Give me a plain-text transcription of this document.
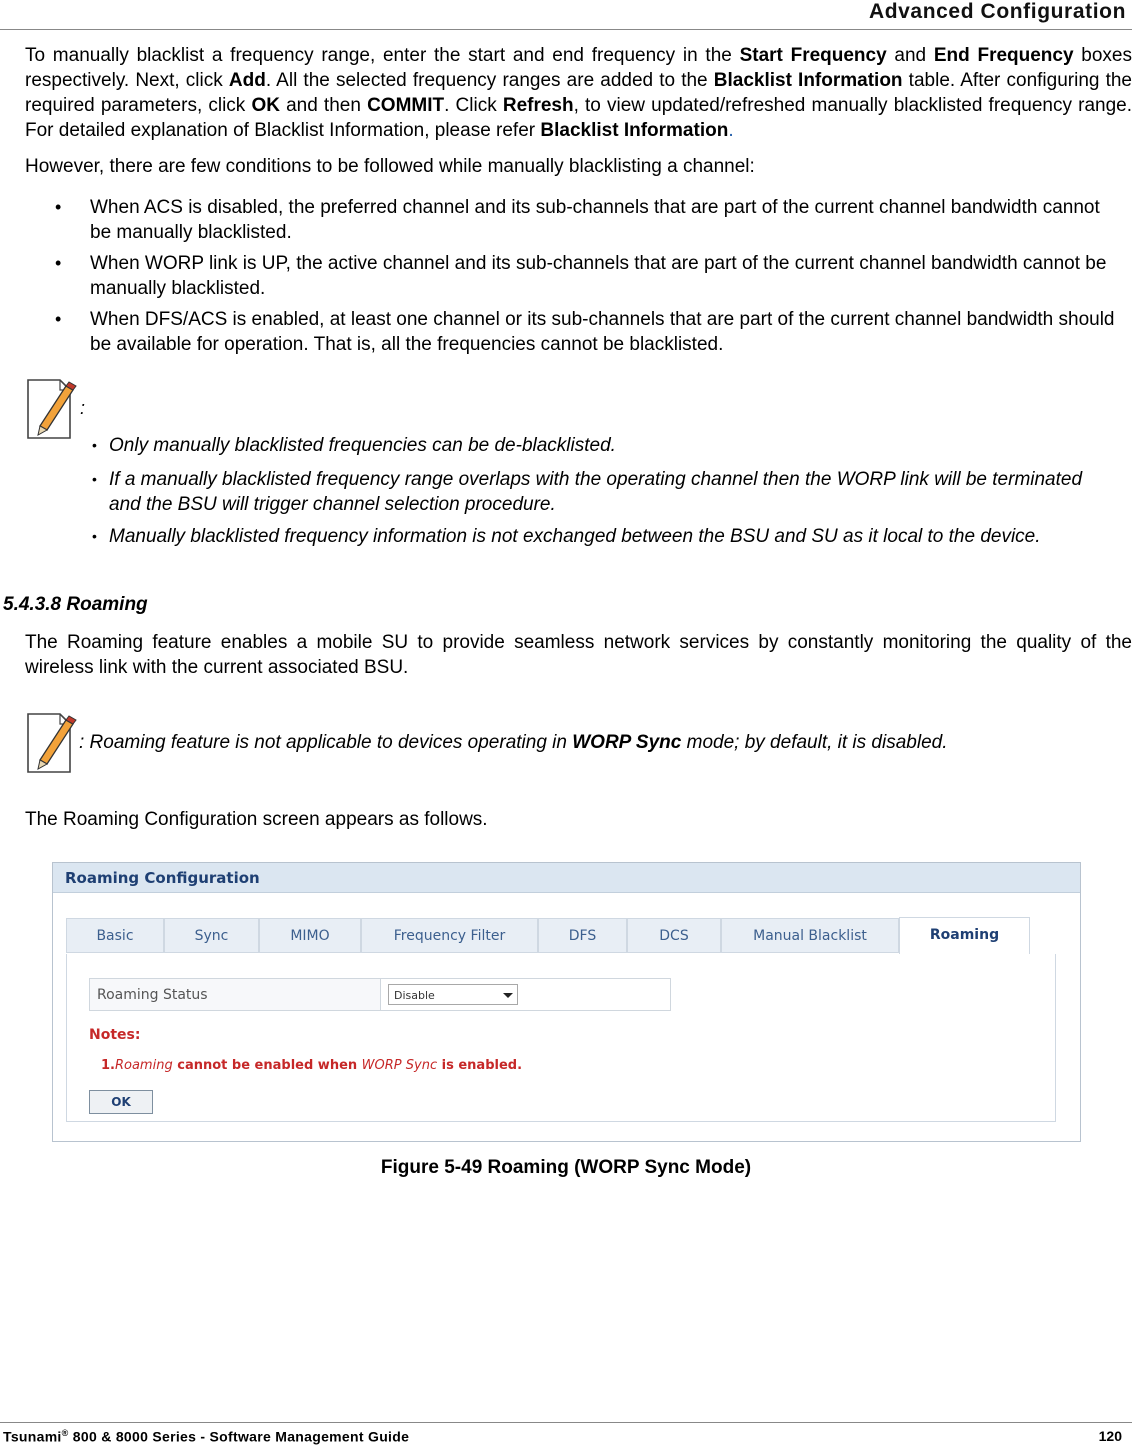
Advanced Configuration
To manually blacklist a frequency range, enter the start and end frequency in the Start Frequency and End Frequency boxes respectively. Next, click Add. All the selected frequency ranges are added to the Blacklist Information table. After configuring the required parameters, click OK and then COMMIT. Click Refresh, to view updated/refreshed manually blacklisted frequency range. For detailed explanation of Blacklist Information, please refer Blacklist Information.
However, there are few conditions to be followed while manually blacklisting a channel:
• When ACS is disabled, the preferred channel and its sub-channels that are part of the current channel bandwidth cannot be manually blacklisted.
• When WORP link is UP, the active channel and its sub-channels that are part of the current channel bandwidth cannot be manually blacklisted.
• When DFS/ACS is enabled, at least one channel or its sub-channels that are part of the current channel bandwidth should be available for operation. That is, all the frequencies cannot be blacklisted.
:
• Only manually blacklisted frequencies can be de-blacklisted.
• If a manually blacklisted frequency range overlaps with the operating channel then the WORP link will be terminated and the BSU will trigger channel selection procedure.
• Manually blacklisted frequency information is not exchanged between the BSU and SU as it local to the device.
5.4.3.8 Roaming
The Roaming feature enables a mobile SU to provide seamless network services by constantly monitoring the quality of the wireless link with the current associated BSU.
: Roaming feature is not applicable to devices operating in WORP Sync mode; by default, it is disabled.
The Roaming Configuration screen appears as follows.
Roaming Configuration
Basic	Sync	MIMO	Frequency Filter	DFS	DCS	Manual Blacklist	Roaming
Roaming Status	Disable
Notes:
1.Roaming cannot be enabled when WORP Sync is enabled.
OK
Figure 5-49 Roaming (WORP Sync Mode)
Tsunami® 800 & 8000 Series - Software Management Guide	120
